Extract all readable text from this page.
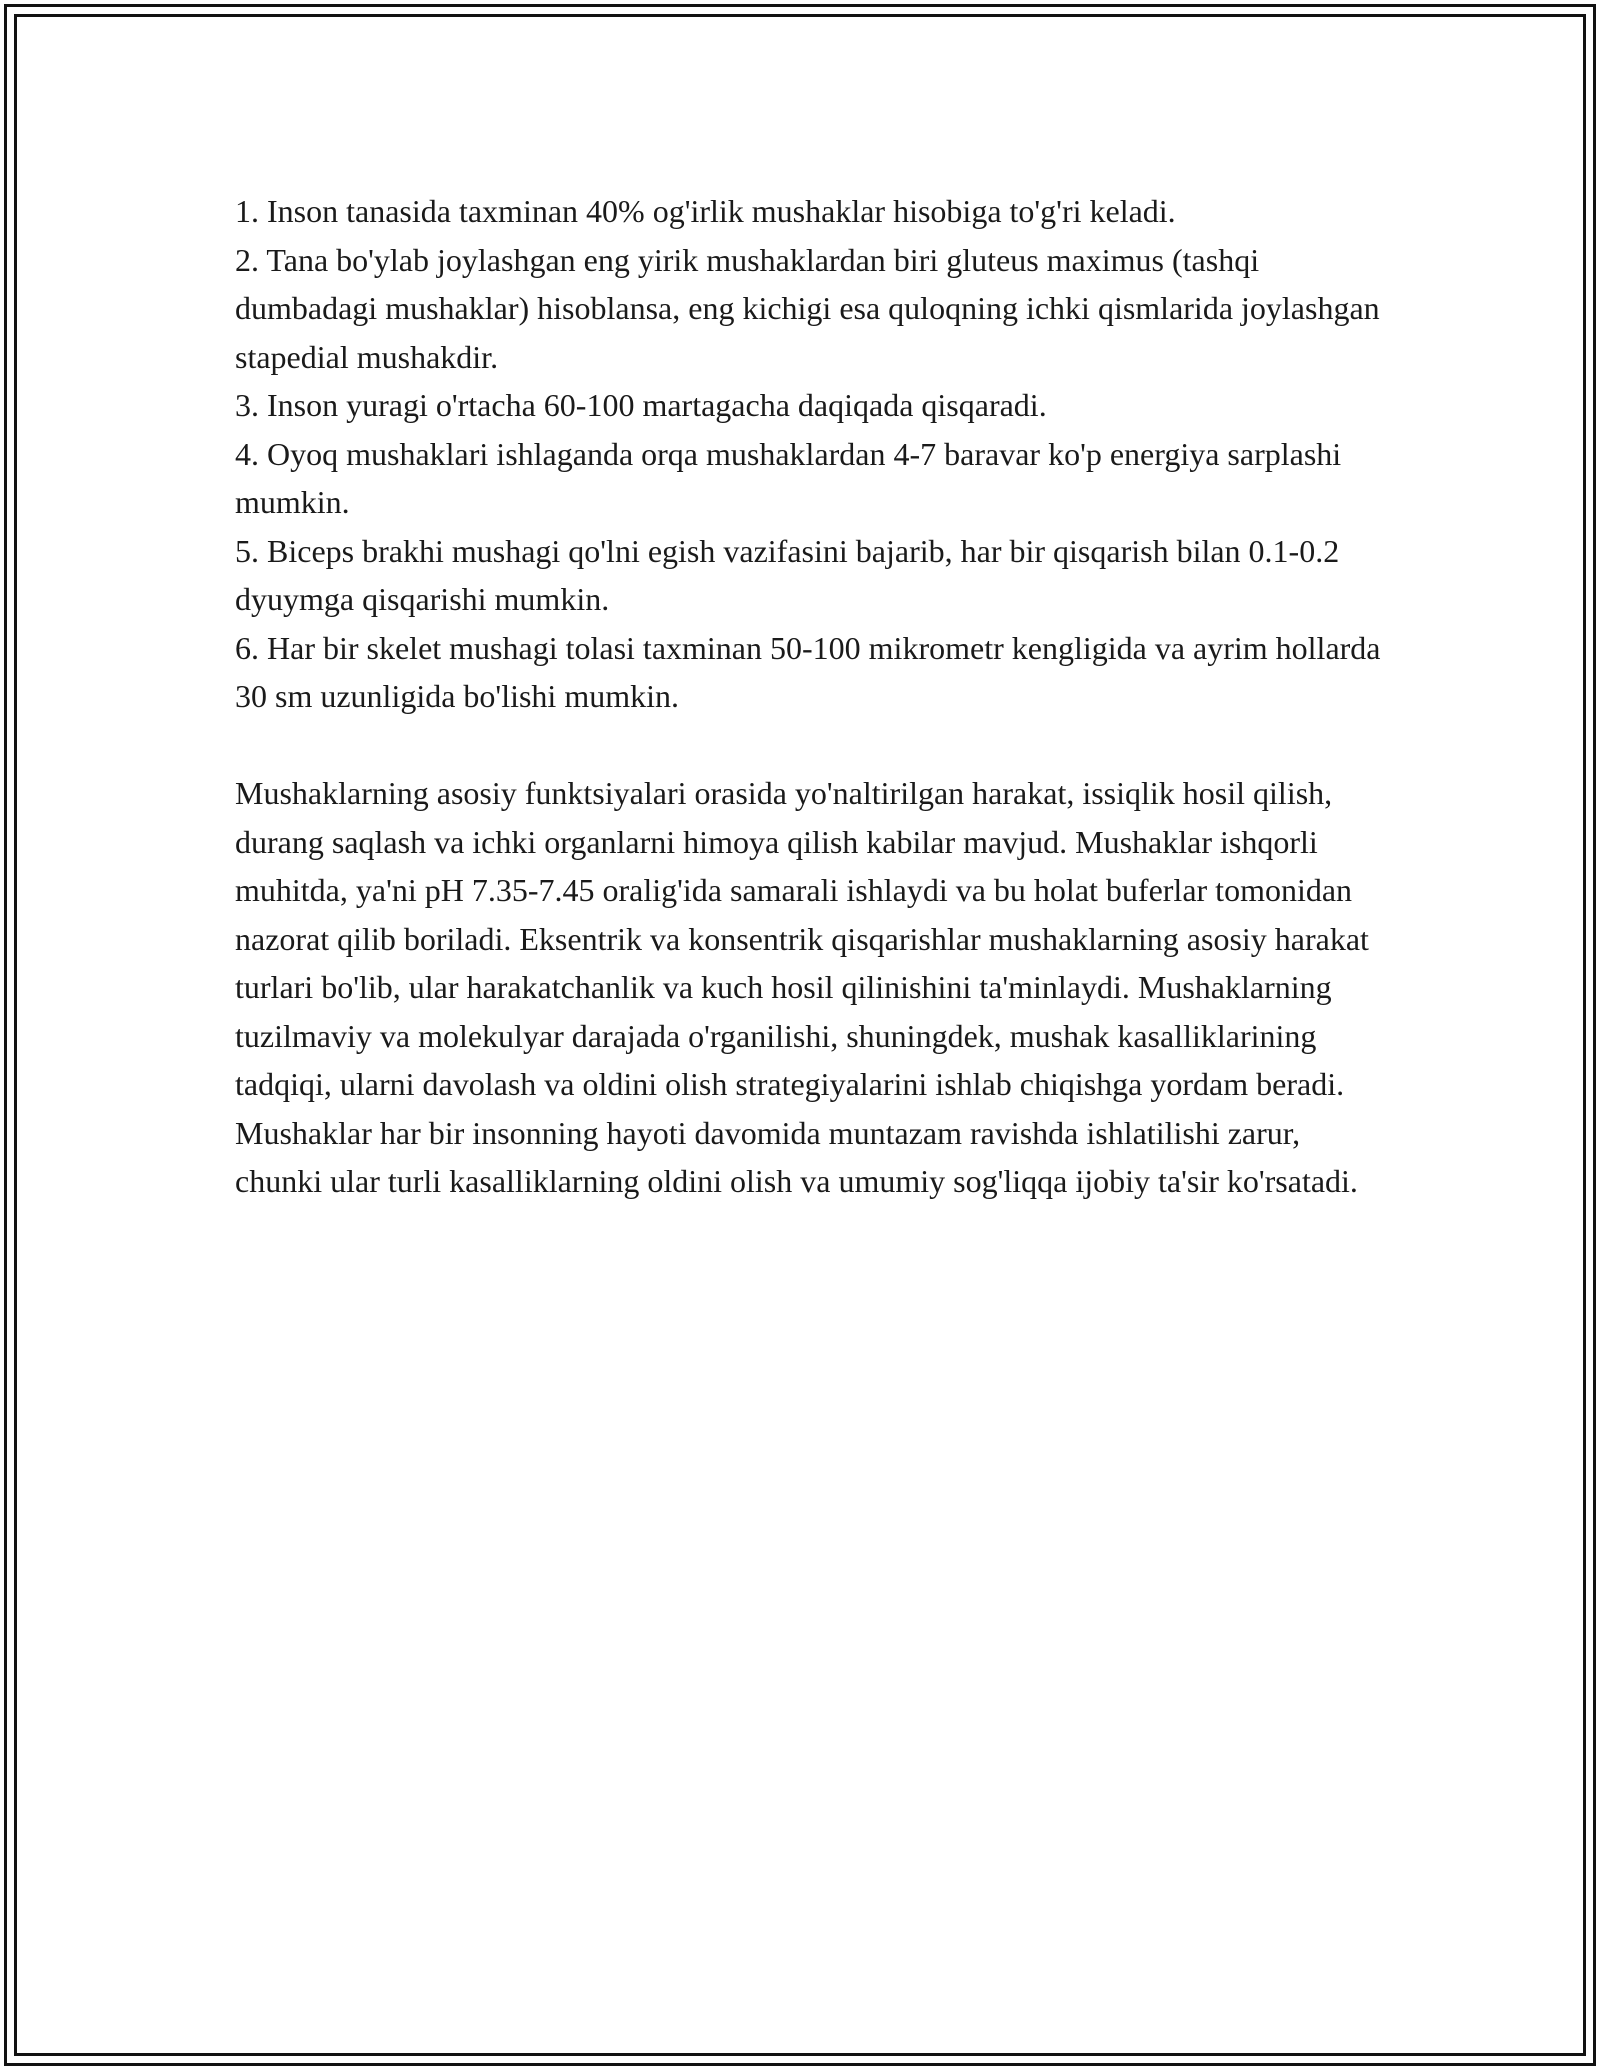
1. Inson tanasida taxminan 40% og'irlik mushaklar hisobiga to'g'ri keladi.

2. Tana bo'ylab joylashgan eng yirik mushaklardan biri gluteus maximus (tashqi dumbadagi mushaklar) hisoblansa, eng kichigi esa quloqning ichki qismlarida joylashgan stapedial mushakdir.

3. Inson yuragi o'rtacha 60-100 martagacha daqiqada qisqaradi.

4. Oyoq mushaklari ishlaganda orqa mushaklardan 4-7 baravar ko'p energiya sarplashi mumkin.

5. Biceps brakhi mushagi qo'lni egish vazifasini bajarib, har bir qisqarish bilan 0.1-0.2 dyuymga qisqarishi mumkin.

6. Har bir skelet mushagi tolasi taxminan 50-100 mikrometr kengligida va ayrim hollarda 30 sm uzunligida bo'lishi mumkin.

Mushaklarning asosiy funktsiyalari orasida yo'naltirilgan harakat, issiqlik hosil qilish, durang saqlash va ichki organlarni himoya qilish kabilar mavjud. Mushaklar ishqorli muhitda, ya'ni pH 7.35-7.45 oralig'ida samarali ishlaydi va bu holat buferlar tomonidan nazorat qilib boriladi. Eksentrik va konsentrik qisqarishlar mushaklarning asosiy harakat turlari bo'lib, ular harakatchanlik va kuch hosil qilinishini ta'minlaydi. Mushaklarning tuzilmaviy va molekulyar darajada o'rganilishi, shuningdek, mushak kasalliklarining tadqiqi, ularni davolash va oldini olish strategiyalarini ishlab chiqishga yordam beradi. Mushaklar har bir insonning hayoti davomida muntazam ravishda ishlatilishi zarur, chunki ular turli kasalliklarning oldini olish va umumiy sog'liqqa ijobiy ta'sir ko'rsatadi.
